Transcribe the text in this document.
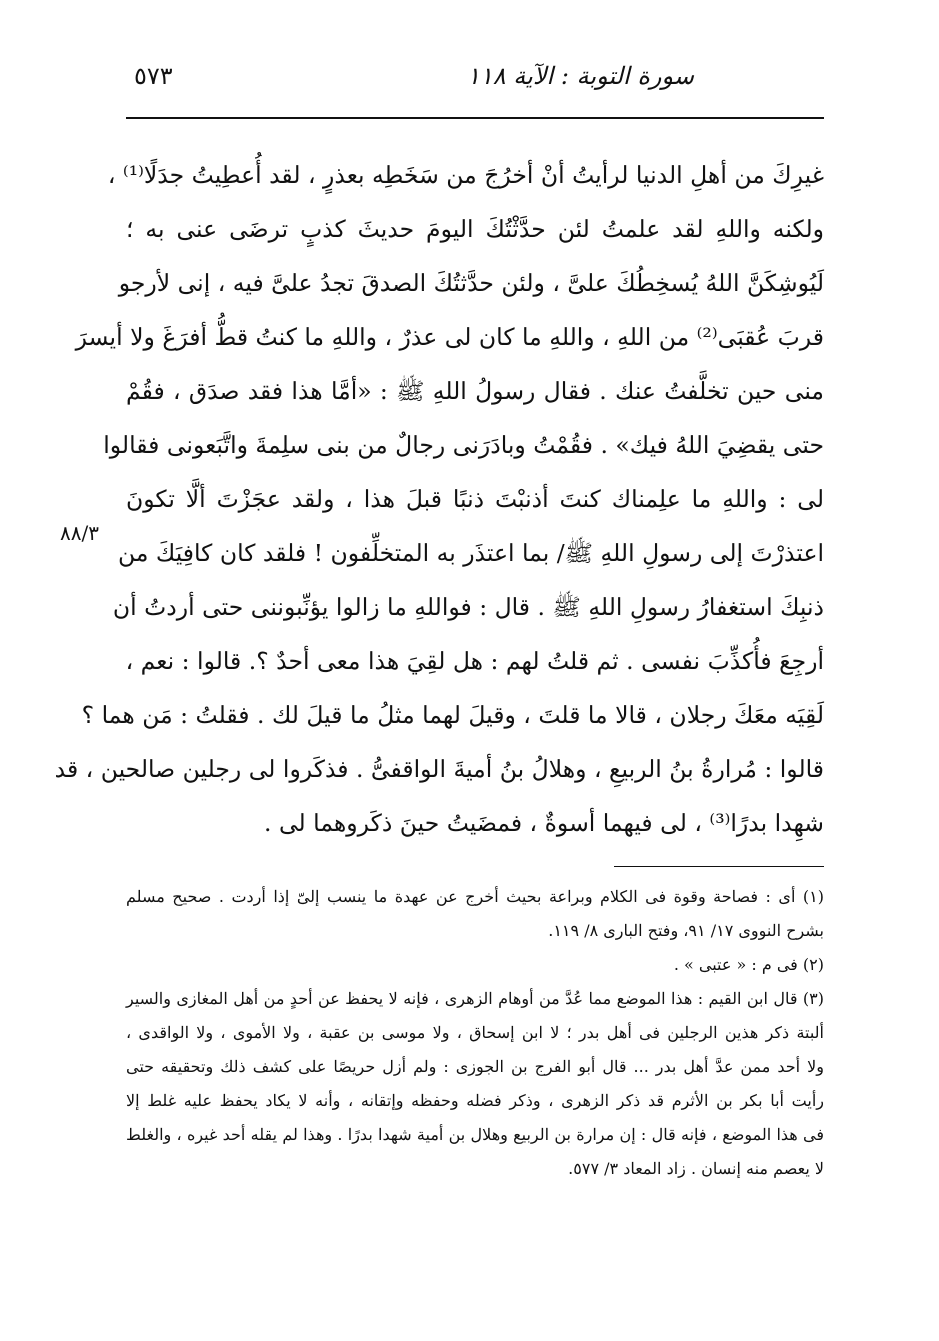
سورة التوبة : الآية ١١٨
٥٧٣
٨٨/٣
غيرِكَ من أهلِ الدنيا لرأيتُ أنْ أخرُجَ من سَخَطِه بعذرٍ ، لقد أُعطِيتُ جدَلًا⁽¹⁾ ،
ولكنه واللهِ لقد علمتُ لئن حدَّثْتُكَ اليومَ حديثَ كذبٍ ترضَى عنى به ؛
لَيُوشِكَنَّ اللهُ يُسخِطُكَ علىَّ ، ولئن حدَّثتُكَ الصدقَ تجدُ علىَّ فيه ، إنى لأرجو
قربَ عُقبَى⁽²⁾ من اللهِ ، واللهِ ما كان لى عذرٌ ، واللهِ ما كنتُ قطُّ أفرَغَ ولا أيسرَ
منى حين تخلَّفتُ عنك . فقال رسولُ اللهِ ﷺ : «أمَّا هذا فقد صدَق ، فقُمْ
حتى يقضِيَ اللهُ فيك» . فقُمْتُ وبادَرَنى رجالٌ من بنى سلِمةَ واتَّبَعونى فقالوا
لى : واللهِ ما علِمناك كنتَ أذنبْتَ ذنبًا قبلَ هذا ، ولقد عجَزْتَ ألَّا تكونَ
اعتذرْتَ إلى رسولِ اللهِ ﷺ/ بما اعتذَر به المتخلِّفون ! فلقد كان كافِيَكَ من
ذنبِكَ استغفارُ رسولِ اللهِ ﷺ . قال : فواللهِ ما زالوا يؤنِّبوننى حتى أردتُ أن
أرجِعَ فأُكذِّبَ نفسى . ثم قلتُ لهم : هل لقِيَ هذا معى أحدٌ ؟. قالوا : نعم ،
لَقِيَه معَكَ رجلان ، قالا ما قلتَ ، وقيلَ لهما مثلُ ما قيلَ لك . فقلتُ : مَن هما ؟
قالوا : مُرارةُ بنُ الربيعِ ، وهلالُ بنُ أميةَ الواقفىُّ . فذكَروا لى رجلين صالحين ، قد
شهِدا بدرًا⁽³⁾ ، لى فيهما أسوةٌ ، فمضَيتُ حينَ ذكَروهما لى .
(١) أى : فصاحة وقوة فى الكلام وبراعة بحيث أخرج عن عهدة ما ينسب إلىّ إذا أردت . صحيح مسلم
بشرح النووى ١٧/ ٩١، وفتح البارى ٨/ ١١٩.
(٢) فى م : « عتبى » .
(٣) قال ابن القيم : هذا الموضع مما عُدَّ من أوهام الزهرى ، فإنه لا يحفظ عن أحدٍ من أهل المغازى والسير
ألبتة ذكر هذين الرجلين فى أهل بدر ؛ لا ابن إسحاق ، ولا موسى بن عقبة ، ولا الأموى ، ولا الواقدى ،
ولا أحد ممن عدَّ أهل بدر ... قال أبو الفرج بن الجوزى : ولم أزل حريصًا على كشف ذلك وتحقيقه حتى
رأيت أبا بكر بن الأثرم قد ذكر الزهرى ، وذكر فضله وحفظه وإتقانه ، وأنه لا يكاد يحفظ عليه غلط إلا
فى هذا الموضع ، فإنه قال : إن مرارة بن الربيع وهلال بن أمية شهدا بدرًا . وهذا لم يقله أحد غيره ، والغلط
لا يعصم منه إنسان . زاد المعاد ٣/ ٥٧٧.
